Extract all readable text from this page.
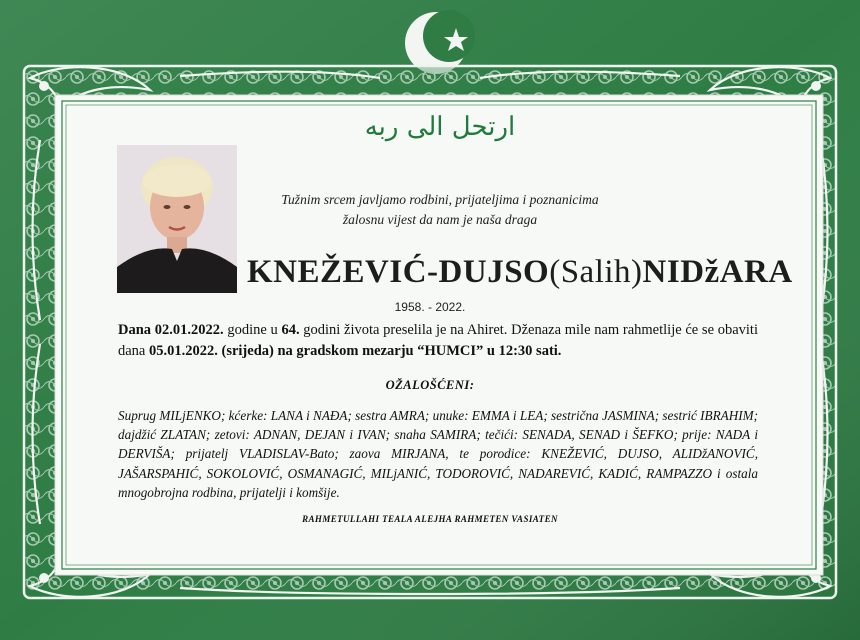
ارتحل الى ربه
Tužnim srcem javljamo rodbini, prijateljima i poznanicima
žalosnu vijest da nam je naša draga
KNEŽEVIĆ-DUJSO(Salih)NIDžARA
1958. - 2022.
Dana 02.01.2022. godine u 64. godini života preselila je na Ahiret. Dženaza mile nam rahmetlije će se obaviti dana 05.01.2022. (srijeda) na gradskom mezarju “HUMCI” u 12:30 sati.
OŽALOŠĆENI:
Suprug MILjENKO; kćerke: LANA i NAĐA; sestra AMRA; unuke: EMMA i LEA; sestrična JASMINA; sestrić IBRAHIM; dajdžić ZLATAN; zetovi: ADNAN, DEJAN i IVAN; snaha SAMIRA; tečići: SENADA, SENAD i ŠEFKO; prije: NADA i DERVIŠA; prijatelj VLADISLAV-Bato; zaova MIRJANA, te porodice: KNEŽEVIĆ, DUJSO, ALIDžANOVIĆ, JAŠARSPAHIĆ, SOKOLOVIĆ, OSMANAGIĆ, MILjANIĆ, TODOROVIĆ, NADAREVIĆ, KADIĆ, RAMPAZZO i ostala mnogobrojna rodbina, prijatelji i komšije.
RAHMETULLAHI TEALA ALEJHA RAHMETEN VASIATEN
